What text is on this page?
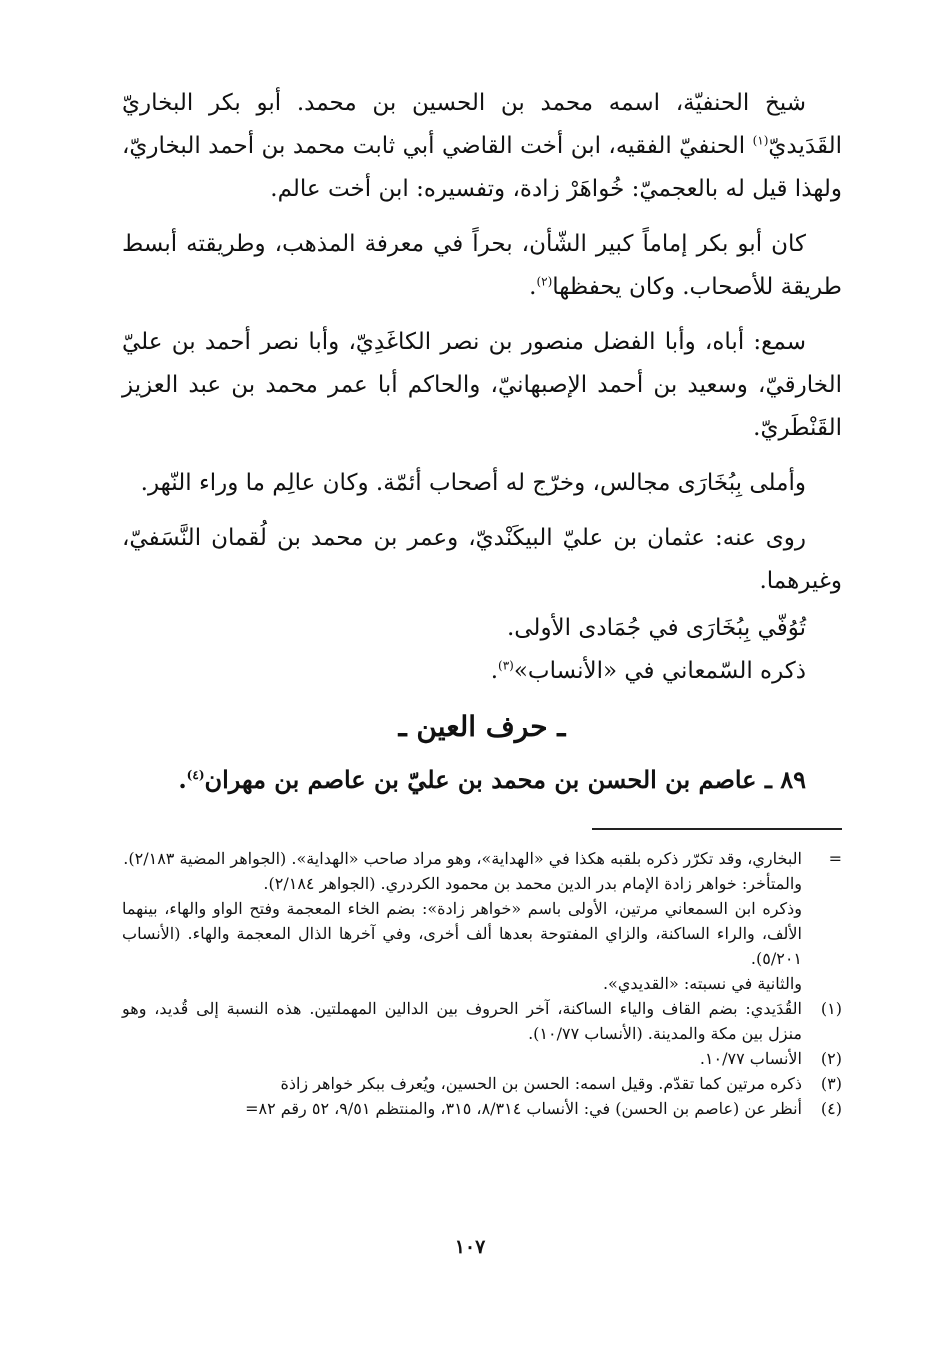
شيخ الحنفيّة، اسمه محمد بن الحسين بن محمد. أبو بكر البخاريّ القَدَيديّ$^{(١)}$ الحنفيّ الفقيه، ابن أخت القاضي أبي ثابت محمد بن أحمد البخاريّ، ولهذا قيل له بالعجميّ: خُواهَرْ زادة، وتفسيره: ابن أخت عالم.
كان أبو بكر إماماً كبير الشّأن، بحراً في معرفة المذهب، وطريقته أبسط طريقة للأصحاب. وكان يحفظها$^{(٢)}$.
سمع: أباه، وأبا الفضل منصور بن نصر الكاغَدِيّ، وأبا نصر أحمد بن عليّ الخارقيّ، وسعيد بن أحمد الإصبهانيّ، والحاكم أبا عمر محمد بن عبد العزيز القَنْطَريّ.
وأملى بِبُخَارَى مجالس، وخرّج له أصحاب أئمّة. وكان عالِم ما وراء النّهر.
روى عنه: عثمان بن عليّ البيكَنْديّ، وعمر بن محمد بن لُقمان النَّسَفيّ، وغيرهما.
تُوُفّي بِبُخَارَى في جُمَادى الأولى.
ذكره السّمعاني في «الأنساب»$^{(٣)}$.
ـ حرف العين ـ
٨٩ ـ عاصم بن الحسن بن محمد بن عليّ بن عاصم بن مهران$^{(٤)}$.
=
البخاري، وقد تكرّر ذكره بلقبه هكذا في «الهداية»، وهو مراد صاحب «الهداية». (الجواهر المضية ٢/١٨٣).
والمتأخر: خواهر زادة الإمام بدر الدين محمد بن محمود الكردري. (الجواهر ٢/١٨٤).
وذكره ابن السمعاني مرتين، الأولى باسم «خواهر زادة»: بضم الخاء المعجمة وفتح الواو والهاء، بينهما الألف، والراء الساكنة، والزاي المفتوحة بعدها ألف أخرى، وفي آخرها الذال المعجمة والهاء. (الأنساب ٥/٢٠١).
والثانية في نسبته: «القديدي».
(١)
القُدَيدي: بضم القاف والياء الساكنة، آخر الحروف بين الدالين المهملتين. هذه النسبة إلى قُديد، وهو منزل بين مكة والمدينة. (الأنساب ١٠/٧٧).
(٢)
الأنساب ١٠/٧٧.
(٣)
ذكره مرتين كما تقدّم. وقيل اسمه: الحسن بن الحسين، ويُعرف ببكر خواهر زاذة
(٤)
أنظر عن (عاصم بن الحسن) في: الأنساب ٨/٣١٤، ٣١٥، والمنتظم ٩/٥١، ٥٢ رقم ٨٢=
١٠٧
